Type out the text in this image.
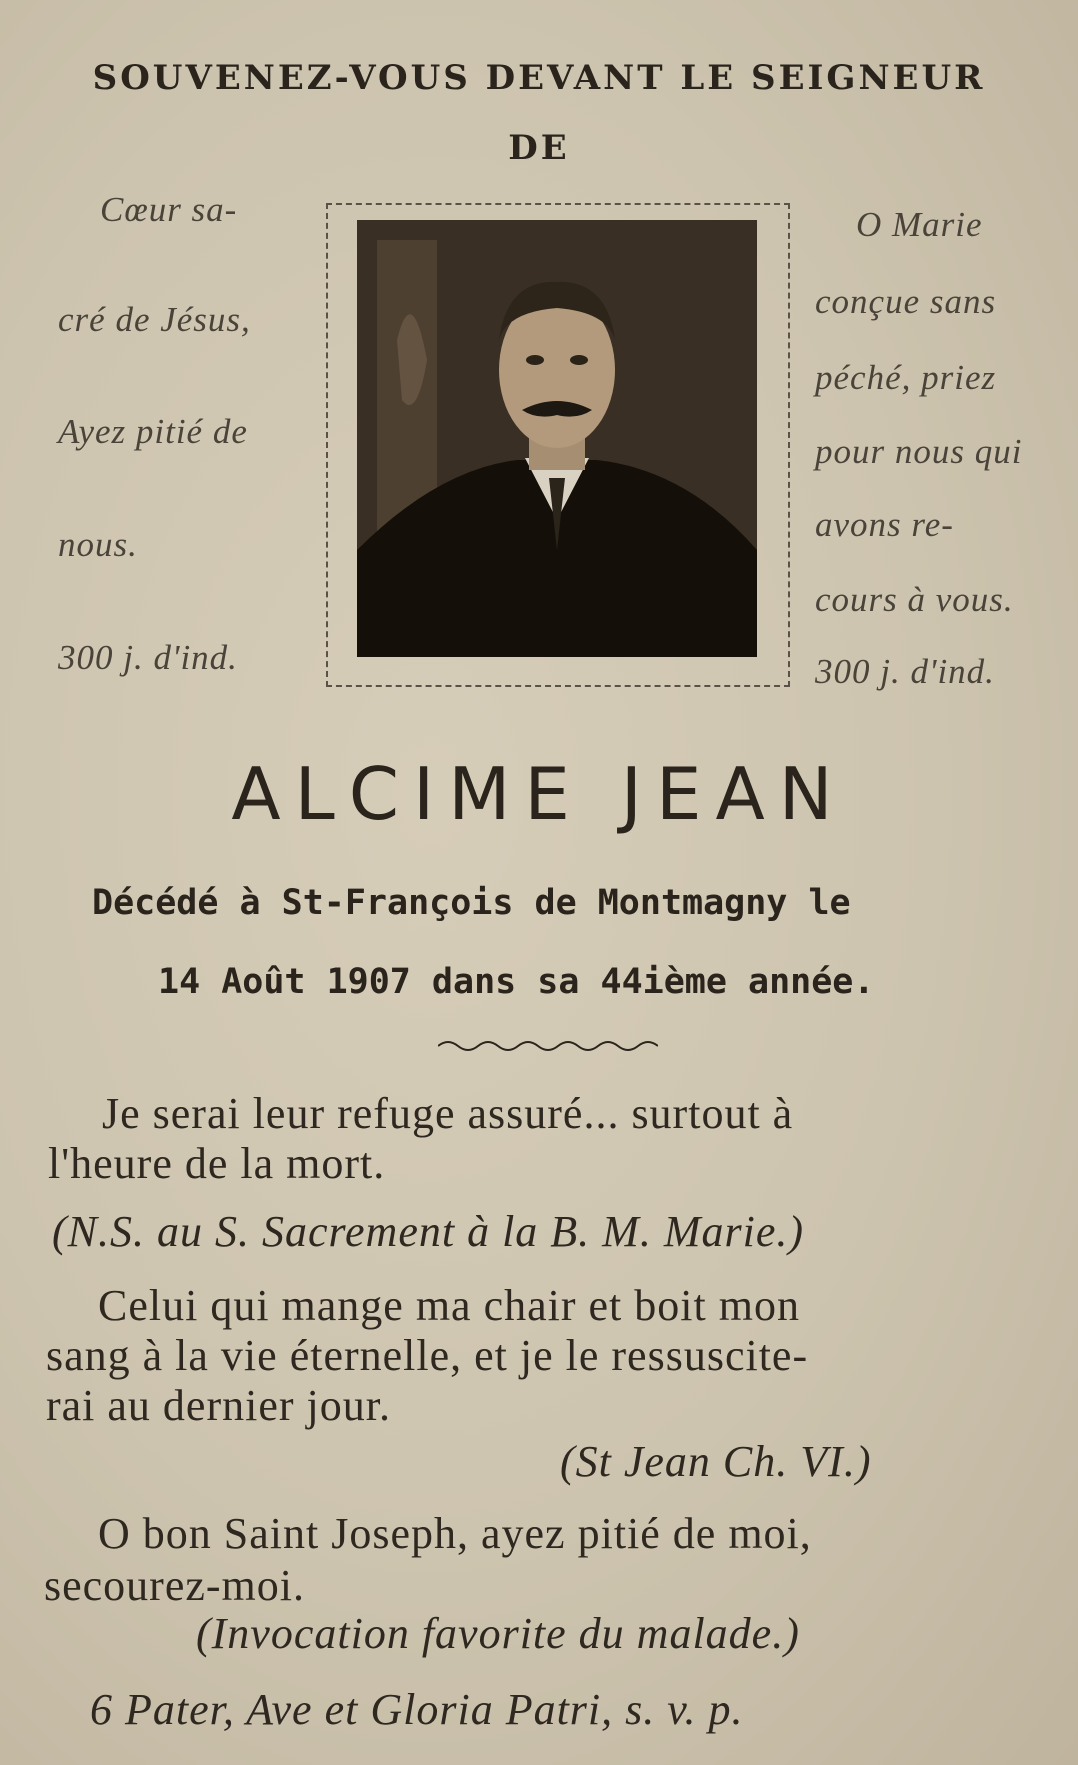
SOUVENEZ-VOUS DEVANT LE SEIGNEUR

DE

Cœur sa-

cré de Jésus,

Ayez pitié de

nous.

300 j. d'ind.

O Marie

conçue sans

péché, priez

pour nous qui

avons re-

cours à vous.

300 j. d'ind.

ALCIME JEAN

Décédé à St-François de Montmagny le

14 Août 1907 dans sa 44ième année.

Je serai leur refuge assuré... surtout à

l'heure de la mort.

(N.S. au S. Sacrement à la B. M. Marie.)

Celui qui mange ma chair et boit mon

sang à la vie éternelle, et je le ressuscite-

rai au dernier jour.

(St Jean Ch. VI.)

O bon Saint Joseph, ayez pitié de moi,

secourez-moi.

(Invocation favorite du malade.)

6 Pater, Ave et Gloria Patri, s. v. p.
